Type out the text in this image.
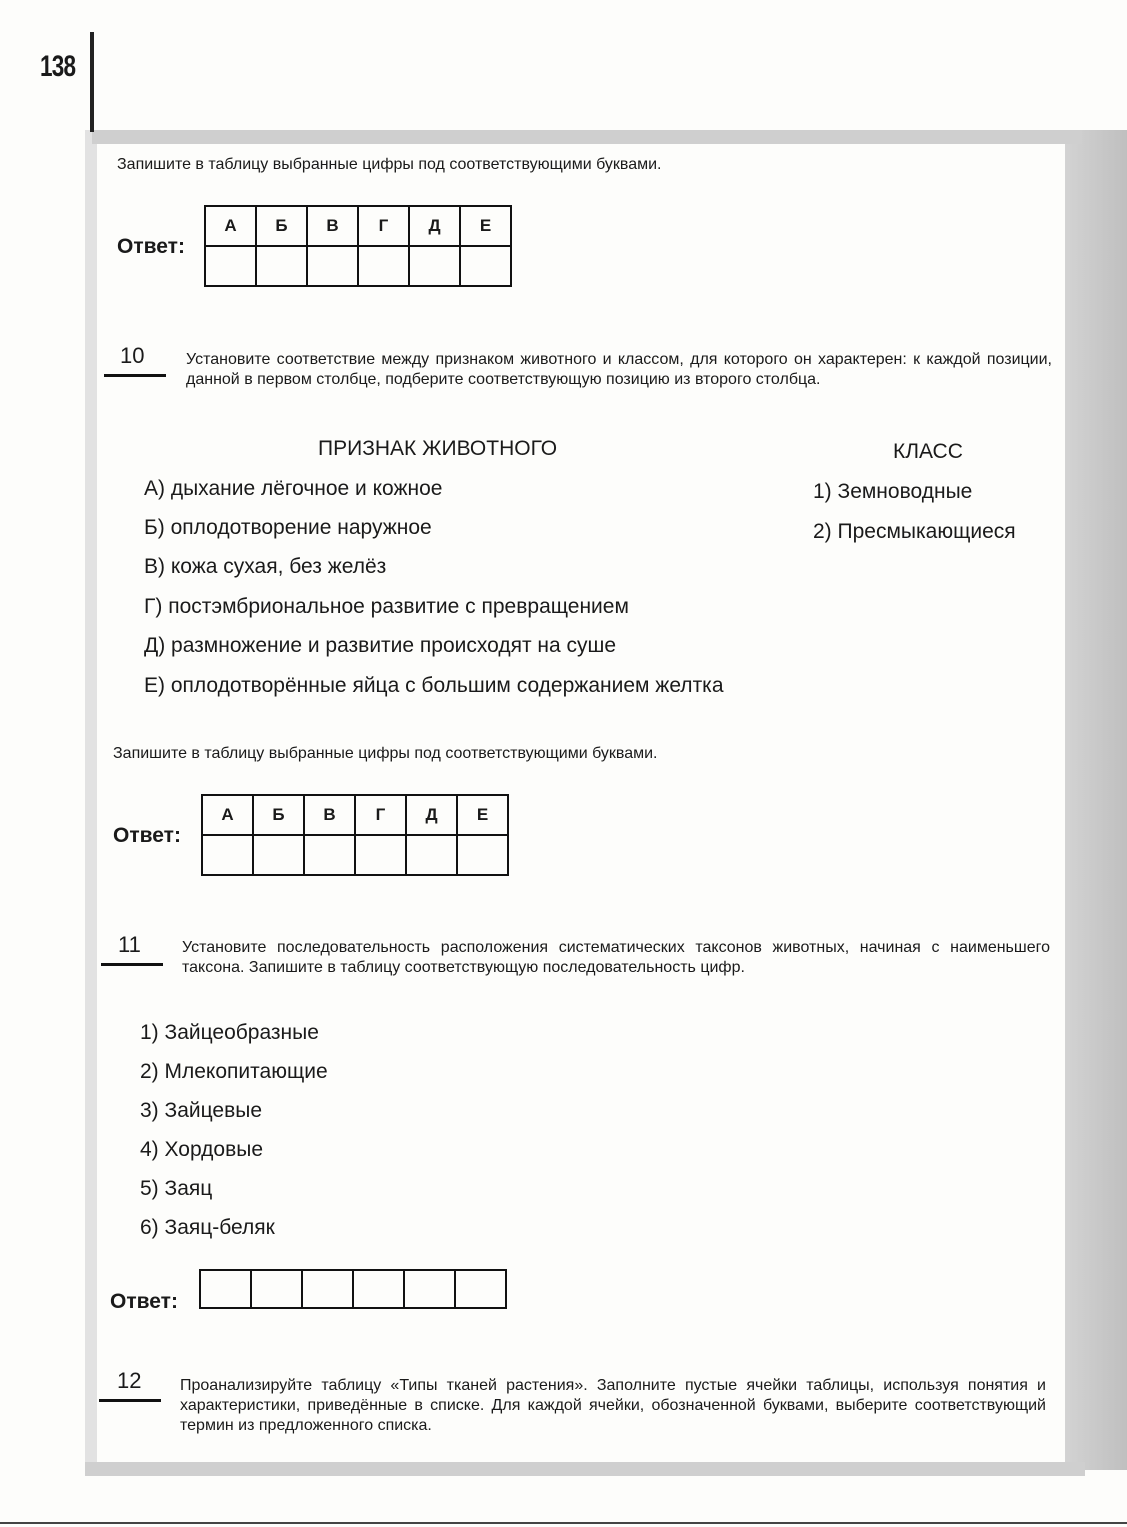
138
Запишите в таблицу выбранные цифры под соответствующими буквами.
Ответ:
А	Б	В	Г	Д	Е

10	Установите соответствие между признаком животного и классом, для которого он характерен: к каждой позиции, данной в первом столбце, подберите соответствующую позицию из второго столбца.
ПРИЗНАК ЖИВОТНОГО	КЛАСС
А) дыхание лёгочное и кожное
Б) оплодотворение наружное
В) кожа сухая, без желёз
Г) постэмбриональное развитие с превращением
Д) размножение и развитие происходят на суше
Е) оплодотворённые яйца с большим содержанием желтка
1) Земноводные
2) Пресмыкающиеся
Запишите в таблицу выбранные цифры под соответствующими буквами.
Ответ:
А	Б	В	Г	Д	Е

11	Установите последовательность расположения систематических таксонов животных, начиная с наименьшего таксона. Запишите в таблицу соответствующую последовательность цифр.
1) Зайцеобразные
2) Млекопитающие
3) Зайцевые
4) Хордовые
5) Заяц
6) Заяц-беляк
Ответ:

12 Проанализируйте таблицу «Типы тканей растения». Заполните пустые ячейки таблицы, используя понятия и характеристики, приведённые в списке. Для каждой ячейки, обозначенной буквами, выберите соответствующий термин из предложенного списка.
